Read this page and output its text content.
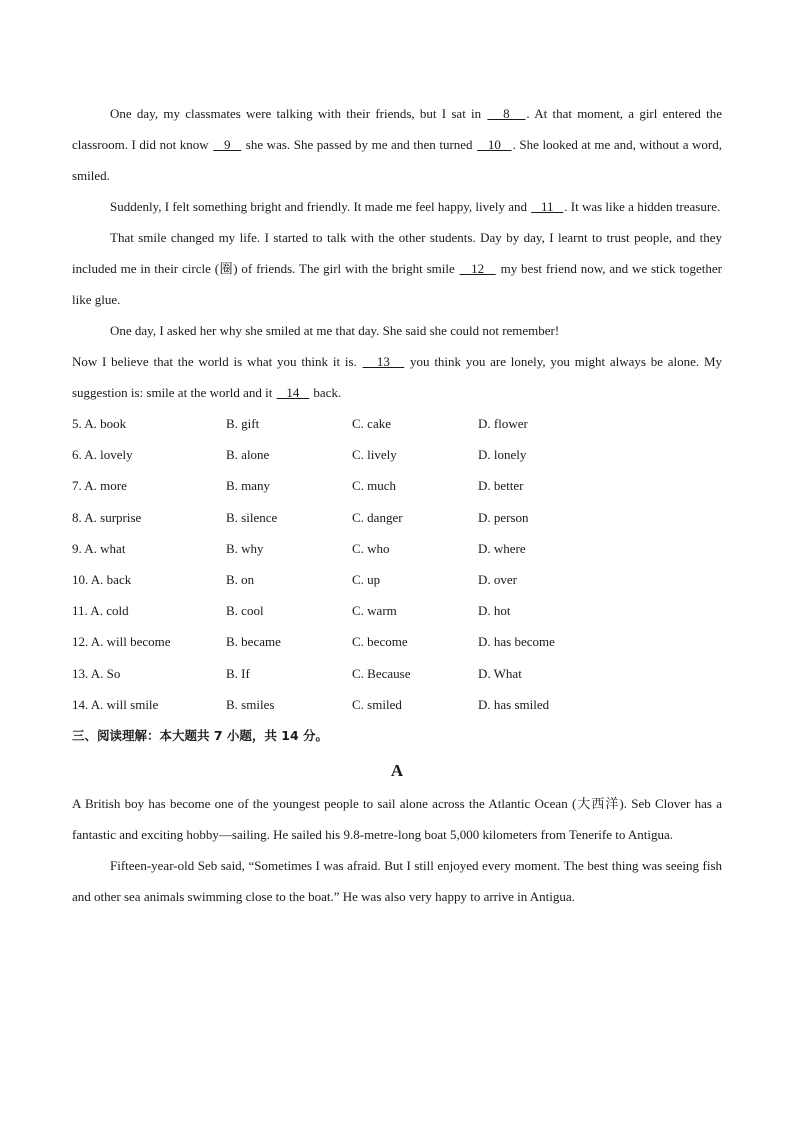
One day, my classmates were talking with their friends, but I sat in    8   . At that moment, a girl entered the classroom. I did not know    9    she was. She passed by me and then turned    10   . She looked at me and, without a word, smiled.

Suddenly, I felt something bright and friendly. It made me feel happy, lively and    11   . It was like a hidden treasure.

That smile changed my life. I started to talk with the other students. Day by day, I learnt to trust people, and they included me in their circle (圈) of friends. The girl with the bright smile    12    my best friend now, and we stick together like glue.

One day, I asked her why she smiled at me that day. She said she could not remember!

Now I believe that the world is what you think it is.    13    you think you are lonely, you might always be alone. My suggestion is: smile at the world and it    14    back.

5. A. book	B. gift	C. cake	D. flower
6. A. lovely	B. alone	C. lively	D. lonely
7. A. more	B. many	C. much	D. better
8. A. surprise	B. silence	C. danger	D. person
9. A. what	B. why	C. who	D. where
10. A. back	B. on	C. up	D. over
11. A. cold	B. cool	C. warm	D. hot
12. A. will become	B. became	C. become	D. has become
13. A. So	B. If	C. Because	D. What
14. A. will smile	B. smiles	C. smiled	D. has smiled
三、阅读理解：本大题共 7 小题，共 14 分。
A

A British boy has become one of the youngest people to sail alone across the Atlantic Ocean (大西洋). Seb Clover has a fantastic and exciting hobby—sailing. He sailed his 9.8-metre-long boat 5,000 kilometers from Tenerife to Antigua.

Fifteen-year-old Seb said, “Sometimes I was afraid. But I still enjoyed every moment. The best thing was seeing fish and other sea animals swimming close to the boat.” He was also very happy to arrive in Antigua.
